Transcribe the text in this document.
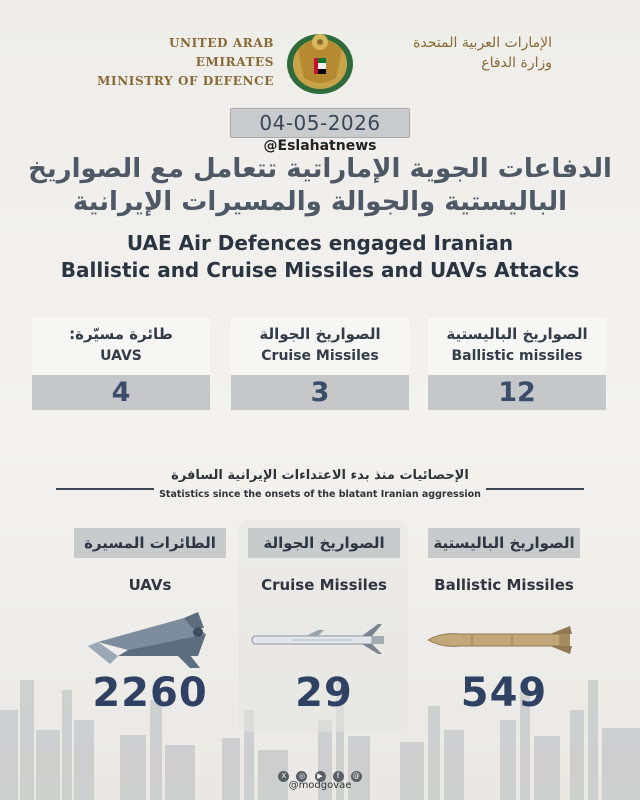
UNITED ARAB EMIRATES
MINISTRY OF DEFENCE
الإمارات العربية المتحدة
وزارة الدفاع
04-05-2026
@Eslahatnews
الدفاعات الجوية الإماراتية تتعامل مع الصواريخ
الباليستية والجوالة والمسيرات الإيرانية
UAE Air Defences engaged Iranian
Ballistic and Cruise Missiles and UAVs Attacks
طائرة مسيّرة:
UAVS
4
الصواريخ الجوالة
Cruise Missiles
3
الصواريخ الباليستية
Ballistic missiles
12
الإحصائيات منذ بدء الاعتداءات الإيرانية السافرة
Statistics since the onsets of the blatant Iranian aggression
الطائرات المسيرة
UAVs
2260
الصواريخ الجوالة
Cruise Missiles
29
الصواريخ الباليستية
Ballistic Missiles
549
X ◎ ▶ f @
@modgovae
